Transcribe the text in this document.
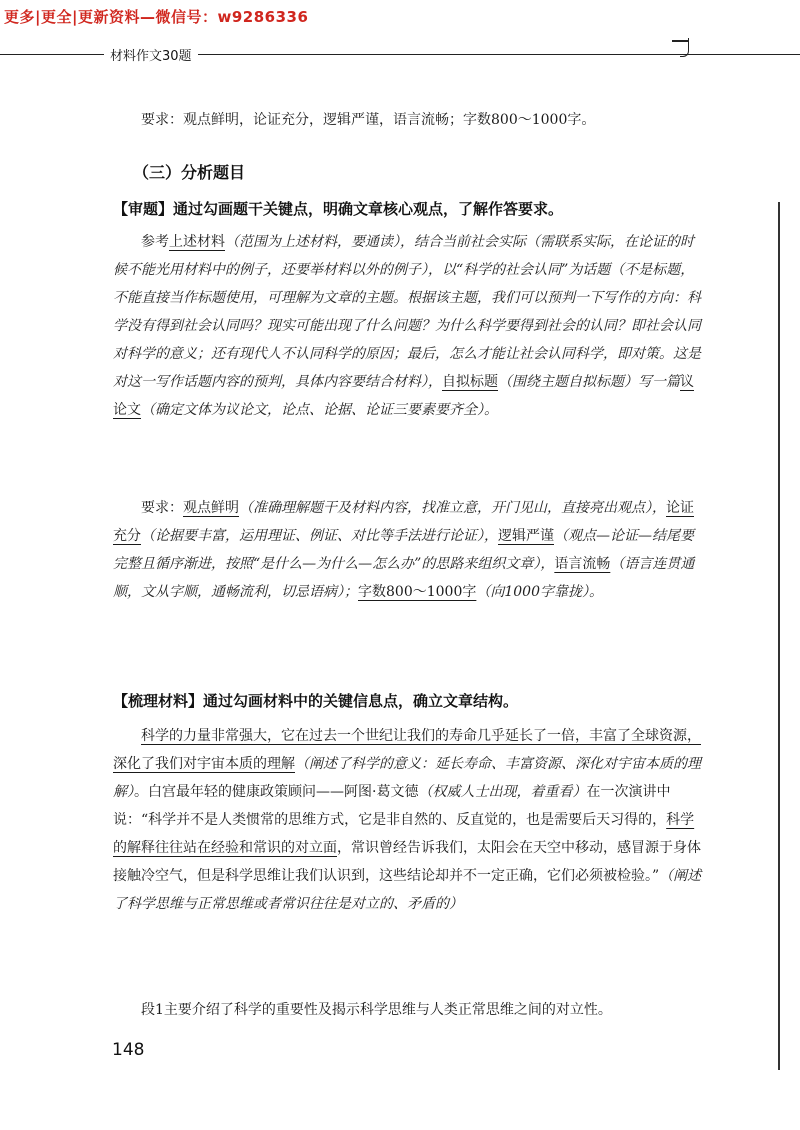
更多|更全|更新资料—微信号：w9286336
材料作文30题
要求：观点鲜明，论证充分，逻辑严谨，语言流畅；字数800～1000字。
（三）分析题目
【审题】通过勾画题干关键点，明确文章核心观点，了解作答要求。
参考上述材料（范围为上述材料，要通读），结合当前社会实际（需联系实际，在论证的时候不能光用材料中的例子，还要举材料以外的例子），以“科学的社会认同”为话题（不是标题，不能直接当作标题使用，可理解为文章的主题。根据该主题，我们可以预判一下写作的方向：科学没有得到社会认同吗？现实可能出现了什么问题？为什么科学要得到社会的认同？即社会认同对科学的意义；还有现代人不认同科学的原因；最后，怎么才能让社会认同科学，即对策。这是对这一写作话题内容的预判，具体内容要结合材料），自拟标题（围绕主题自拟标题）写一篇议论文（确定文体为议论文，论点、论据、论证三要素要齐全）。
要求：观点鲜明（准确理解题干及材料内容，找准立意，开门见山，直接亮出观点），论证充分（论据要丰富，运用理证、例证、对比等手法进行论证），逻辑严谨（观点—论证—结尾要完整且循序渐进，按照“是什么—为什么—怎么办”的思路来组织文章），语言流畅（语言连贯通顺，文从字顺，通畅流利，切忌语病）；字数800～1000字（向1000字靠拢）。
【梳理材料】通过勾画材料中的关键信息点，确立文章结构。
科学的力量非常强大，它在过去一个世纪让我们的寿命几乎延长了一倍，丰富了全球资源，深化了我们对宇宙本质的理解（阐述了科学的意义：延长寿命、丰富资源、深化对宇宙本质的理解）。白宫最年轻的健康政策顾问——阿图·葛文德（权威人士出现，着重看）在一次演讲中说：“科学并不是人类惯常的思维方式，它是非自然的、反直觉的，也是需要后天习得的，科学的解释往往站在经验和常识的对立面，常识曾经告诉我们，太阳会在天空中移动，感冒源于身体接触冷空气，但是科学思维让我们认识到，这些结论却并不一定正确，它们必须被检验。”（阐述了科学思维与正常思维或者常识往往是对立的、矛盾的）
段1主要介绍了科学的重要性及揭示科学思维与人类正常思维之间的对立性。
148
